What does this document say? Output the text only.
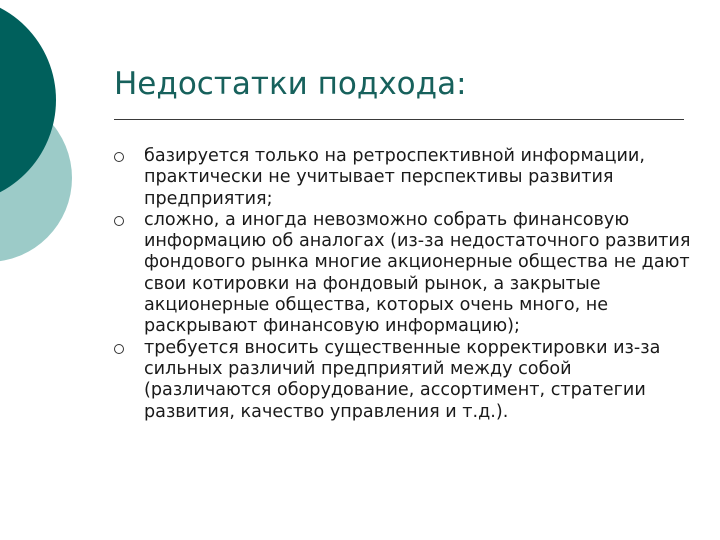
Недостатки подхода:
базируется только на ретроспективной информации, практически не учитывает перспективы развития предприятия;
сложно, а иногда невозможно собрать финансовую информацию об аналогах (из-за недостаточного развития фондового рынка многие акционерные общества не дают свои котировки на фондовый рынок, а закрытые акционерные общества, которых очень много, не раскрывают финансовую информацию);
требуется вносить существенные корректировки из-за сильных различий предприятий между собой (различаются оборудование, ассортимент, стратегии развития, качество управления и т.д.).
